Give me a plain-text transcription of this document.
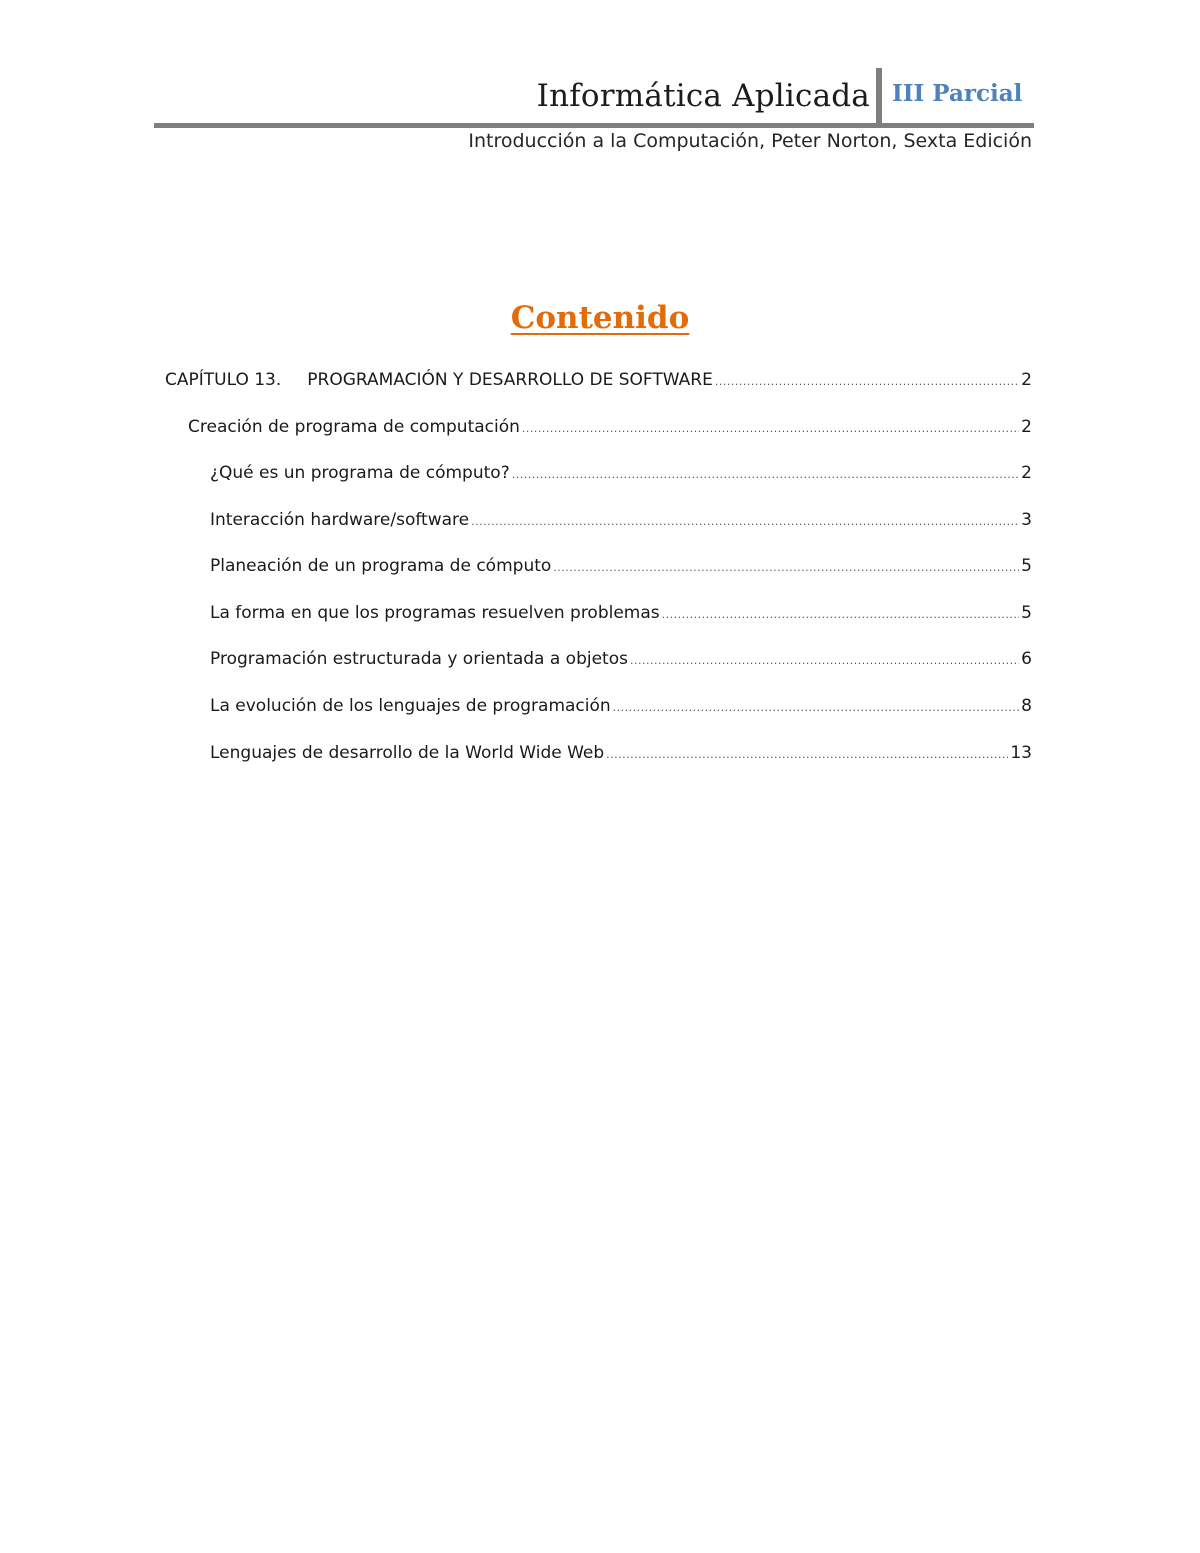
Informática Aplicada III Parcial
Introducción a la Computación, Peter Norton, Sexta Edición
Contenido
CAPÍTULO 13. PROGRAMACIÓN Y DESARROLLO DE SOFTWARE .....	2
Creación de programa de computación .....	2
¿Qué es un programa de cómputo? .....	2
Interacción hardware/software .....	3
Planeación de un programa de cómputo .....	5
La forma en que los programas resuelven problemas .....	5
Programación estructurada y orientada a objetos .....	6
La evolución de los lenguajes de programación .....	8
Lenguajes de desarrollo de la World Wide Web .....	13
